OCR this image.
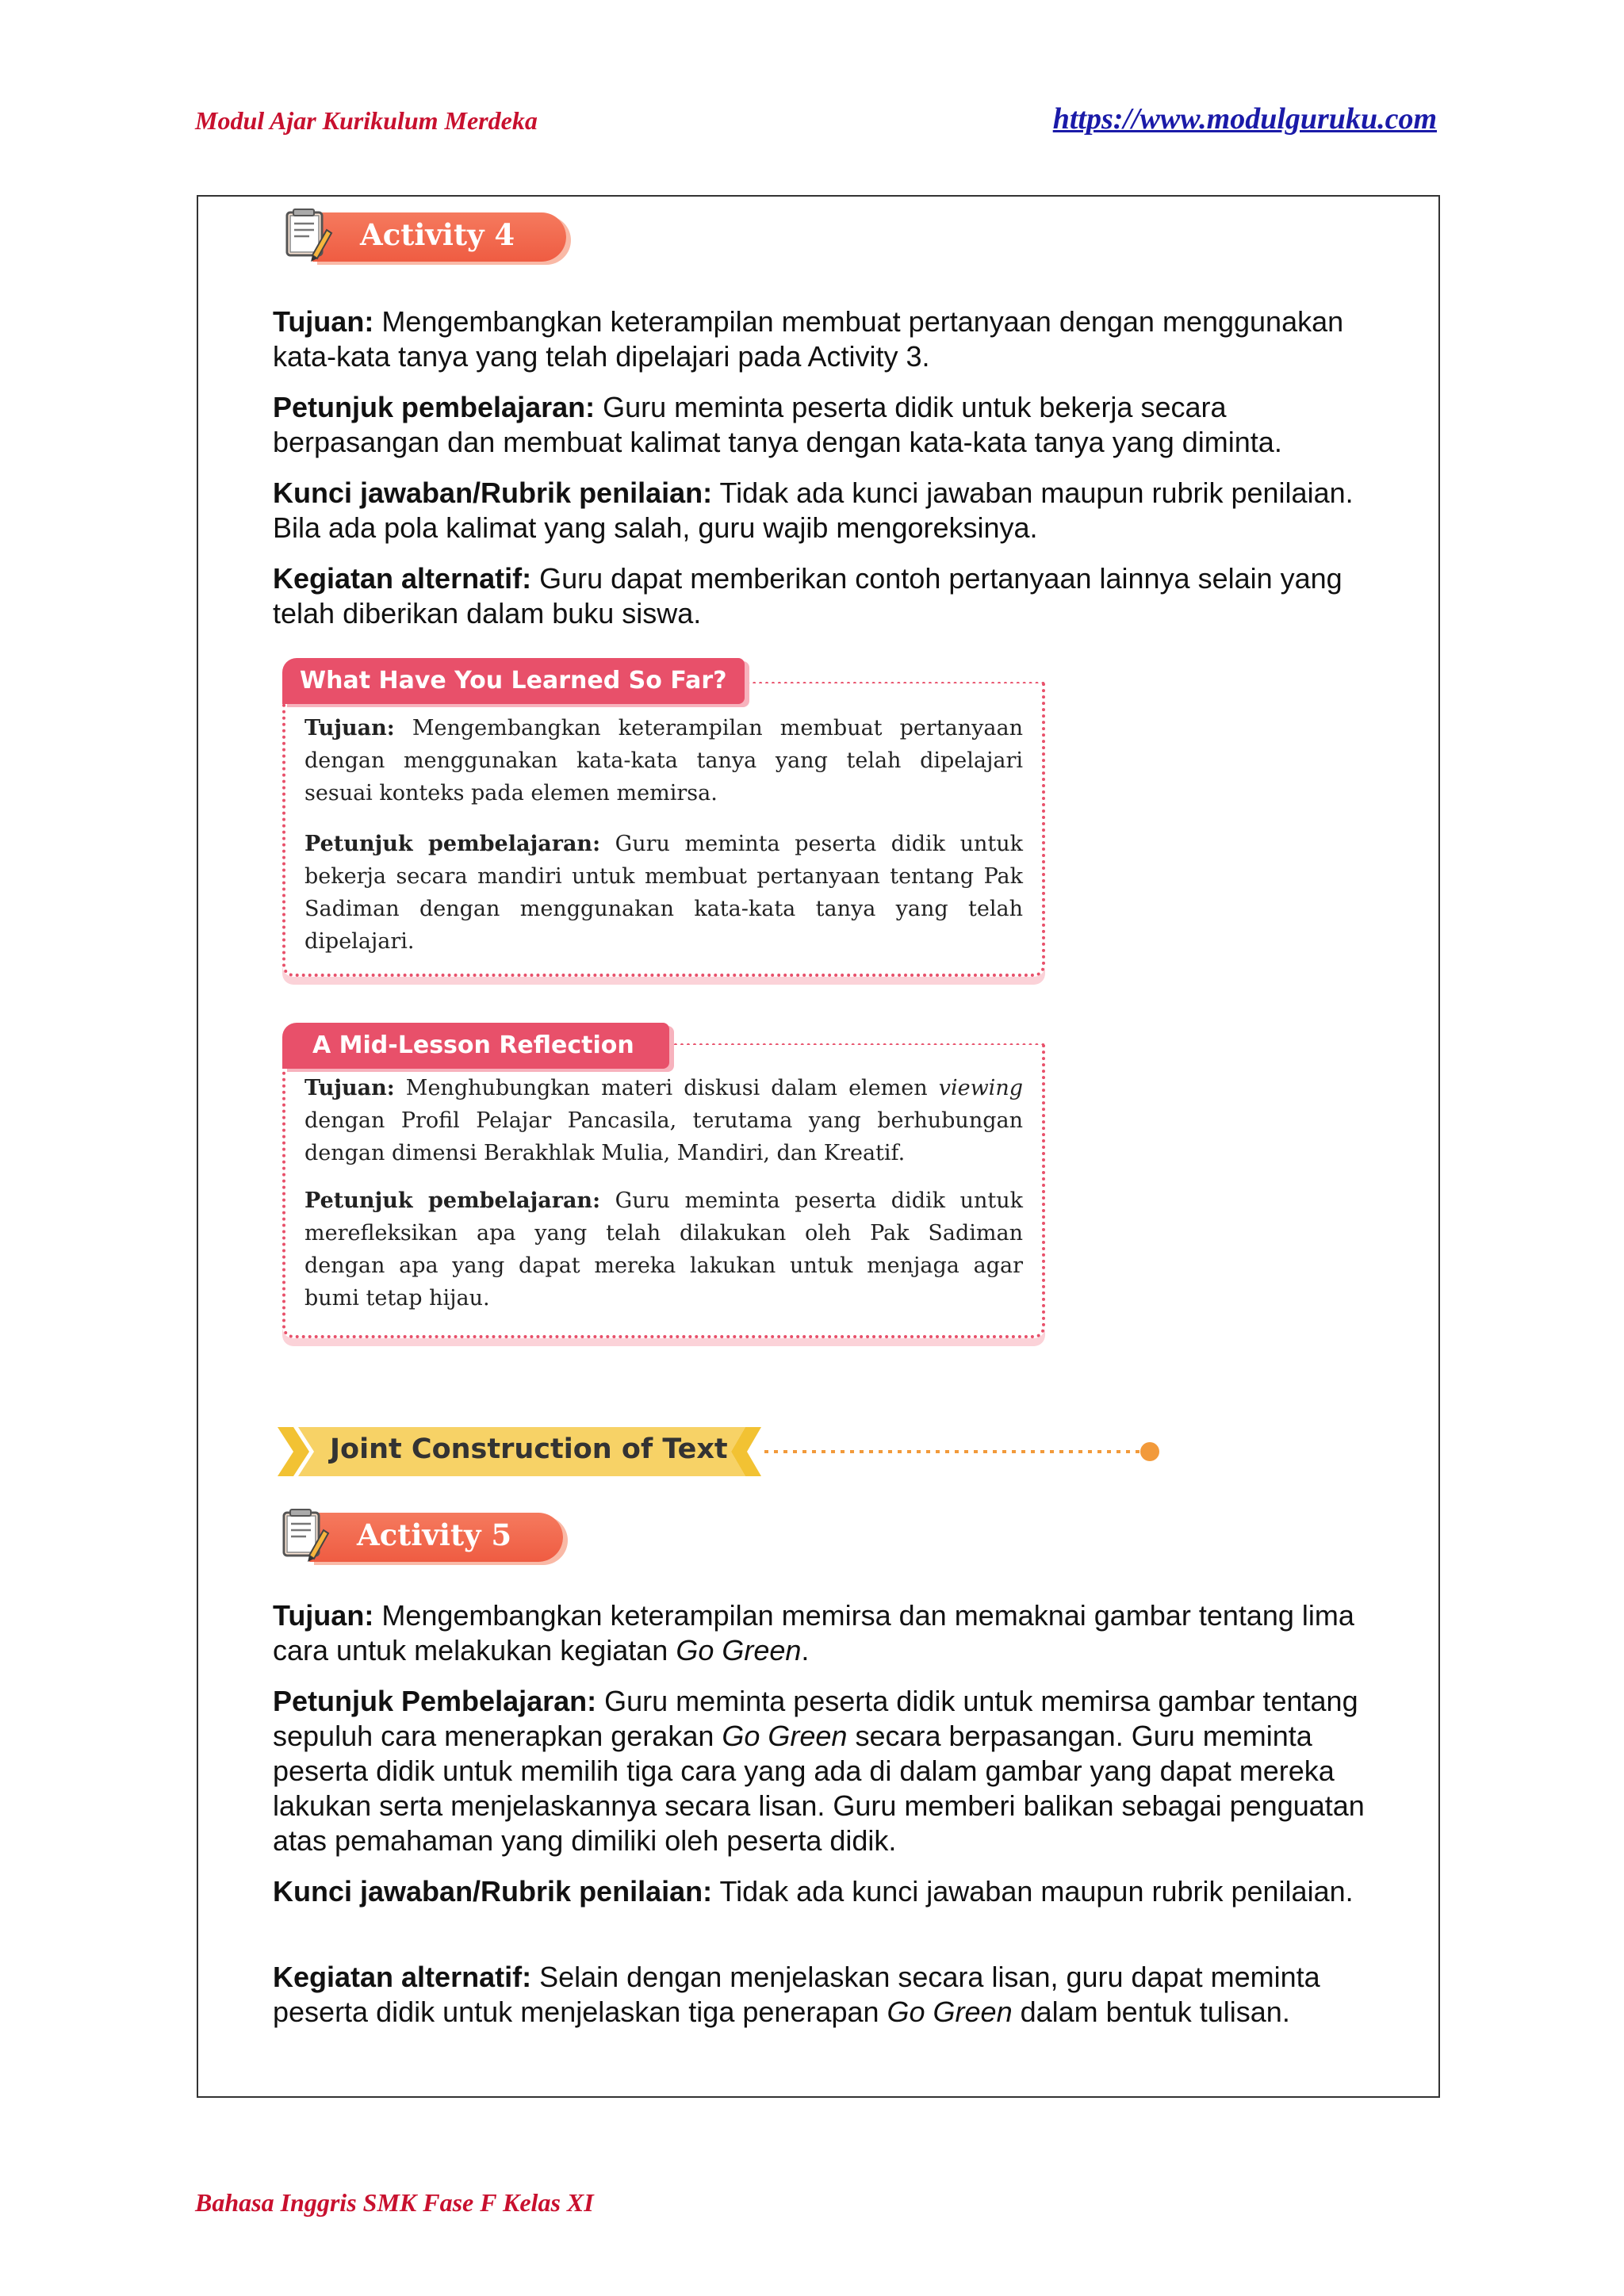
Modul Ajar Kurikulum Merdeka	https://www.modulguruku.com
Activity 4

Tujuan: Mengembangkan keterampilan membuat pertanyaan dengan menggunakan kata-kata tanya yang telah dipelajari pada Activity 3.

Petunjuk pembelajaran: Guru meminta peserta didik untuk bekerja secara berpasangan dan membuat kalimat tanya dengan kata-kata tanya yang diminta.

Kunci jawaban/Rubrik penilaian: Tidak ada kunci jawaban maupun rubrik penilaian. Bila ada pola kalimat yang salah, guru wajib mengoreksinya.

Kegiatan alternatif: Guru dapat memberikan contoh pertanyaan lainnya selain yang telah diberikan dalam buku siswa.

Tujuan: Mengembangkan keterampilan membuat pertanyaan dengan menggunakan kata-kata tanya yang telah dipelajari sesuai konteks pada elemen memirsa.

Petunjuk pembelajaran: Guru meminta peserta didik untuk bekerja secara mandiri untuk membuat pertanyaan tentang Pak Sadiman dengan menggunakan kata-kata tanya yang telah dipelajari.

What Have You Learned So Far?

Tujuan: Menghubungkan materi diskusi dalam elemen viewing dengan Profil Pelajar Pancasila, terutama yang berhubungan dengan dimensi Berakhlak Mulia, Mandiri, dan Kreatif.

Petunjuk pembelajaran: Guru meminta peserta didik untuk merefleksikan apa yang telah dilakukan oleh Pak Sadiman dengan apa yang dapat mereka lakukan untuk menjaga agar bumi tetap hijau.

A Mid-Lesson Reflection
Joint Construction of Text
Activity 5

Tujuan: Mengembangkan keterampilan memirsa dan memaknai gambar tentang lima cara untuk melakukan kegiatan Go Green.

Petunjuk Pembelajaran: Guru meminta peserta didik untuk memirsa gambar tentang sepuluh cara menerapkan gerakan Go Green secara berpasangan. Guru meminta peserta didik untuk memilih tiga cara yang ada di dalam gambar yang dapat mereka lakukan serta menjelaskannya secara lisan. Guru memberi balikan sebagai penguatan atas pemahaman yang dimiliki oleh peserta didik.

Kunci jawaban/Rubrik penilaian: Tidak ada kunci jawaban maupun rubrik penilaian.

Kegiatan alternatif: Selain dengan menjelaskan secara lisan, guru dapat meminta peserta didik untuk menjelaskan tiga penerapan Go Green dalam bentuk tulisan.

Bahasa Inggris SMK Fase F Kelas XI
